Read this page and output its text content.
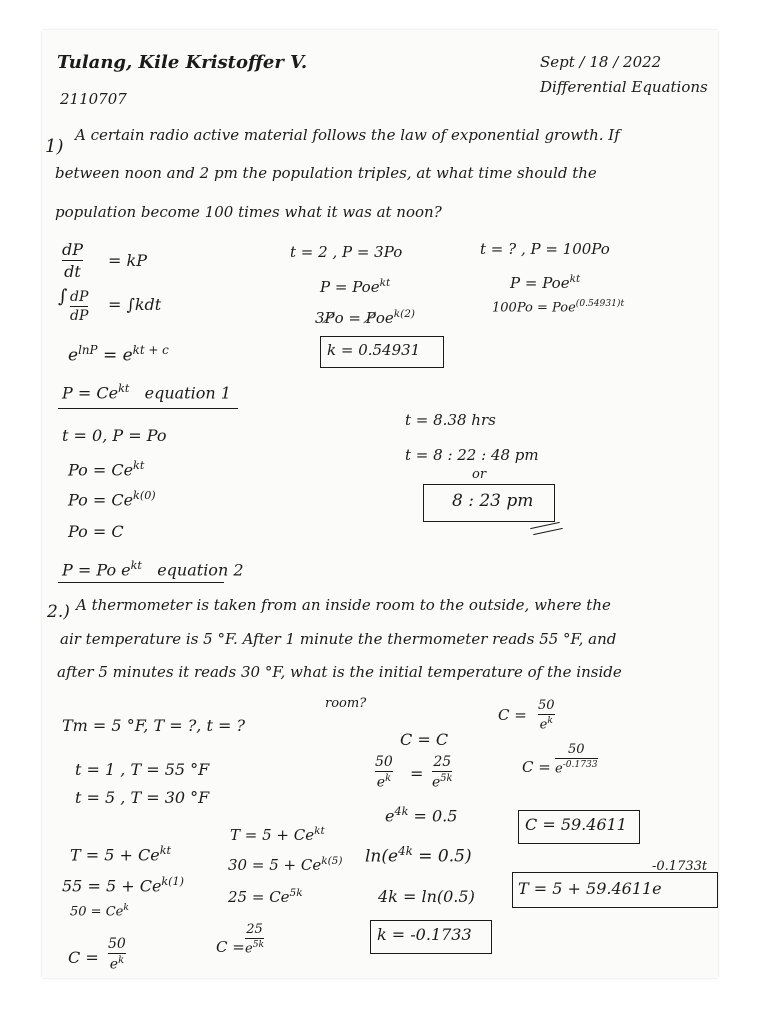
Tulang, Kile Kristoffer V.
2110707
Sept / 18 / 2022
Differential Equations
1)
A certain radio active material follows the law of exponential growth. If
between noon and 2 pm the population triples, at what time should the
population become 100 times what it was at noon?
dP
dt
= kP
∫ dP
dP
= ∫kdt
$e^{lnP} = e^{kt + c}$
$P = Ce^{kt}$ equation 1
t = 0, P = Po
$Po = Ce^{kt}$
$Po = Ce^{k(0)}$
Po = C
P = Po $e^{kt}$ equation 2
t = 2 , P = 3Po
P = Poe$^{kt}$
3P̸o = $P̸oe^{k(2)}$
k = 0.54931
t = ? , P = 100Po
P = Poe$^{kt}$
100Po = Poe$^{(0.54931)t}$
t = 8.38 hrs
t = 8 : 22 : 48 pm
or
8 : 23 pm
2.) A thermometer is taken from an inside room to the outside, where the
air temperature is 5 °F. After 1 minute the thermometer reads 55 °F, and
after 5 minutes it reads 30 °F, what is the initial temperature of the inside
room?
Tm = 5 °F, T = ?, t = ?
t = 1 , T = 55 °F
t = 5 , T = 30 °F
$T = 5 + Ce^{kt}$
$55 = 5 + Ce^{k(1)}$
$50 = Ce^k$
C =
50
$e^k$
$T = 5 + Ce^{kt}$
$30 = 5 + Ce^{k(5)}$
$25 = Ce^{5k}$
C =
25
$e^{5k}$
C = C
50
$e^k$ =
25
$e^{5k}$
$e^{4k} = 0.5$
$\ln(e^{4k} = 0.5)$
4k = ln(0.5)
k = -0.1733
C =
50
$e^k$
C =
50
$e^{-0.1733}$
C = 59.4611
-0.1733t
T = 5 + 59.4611e
